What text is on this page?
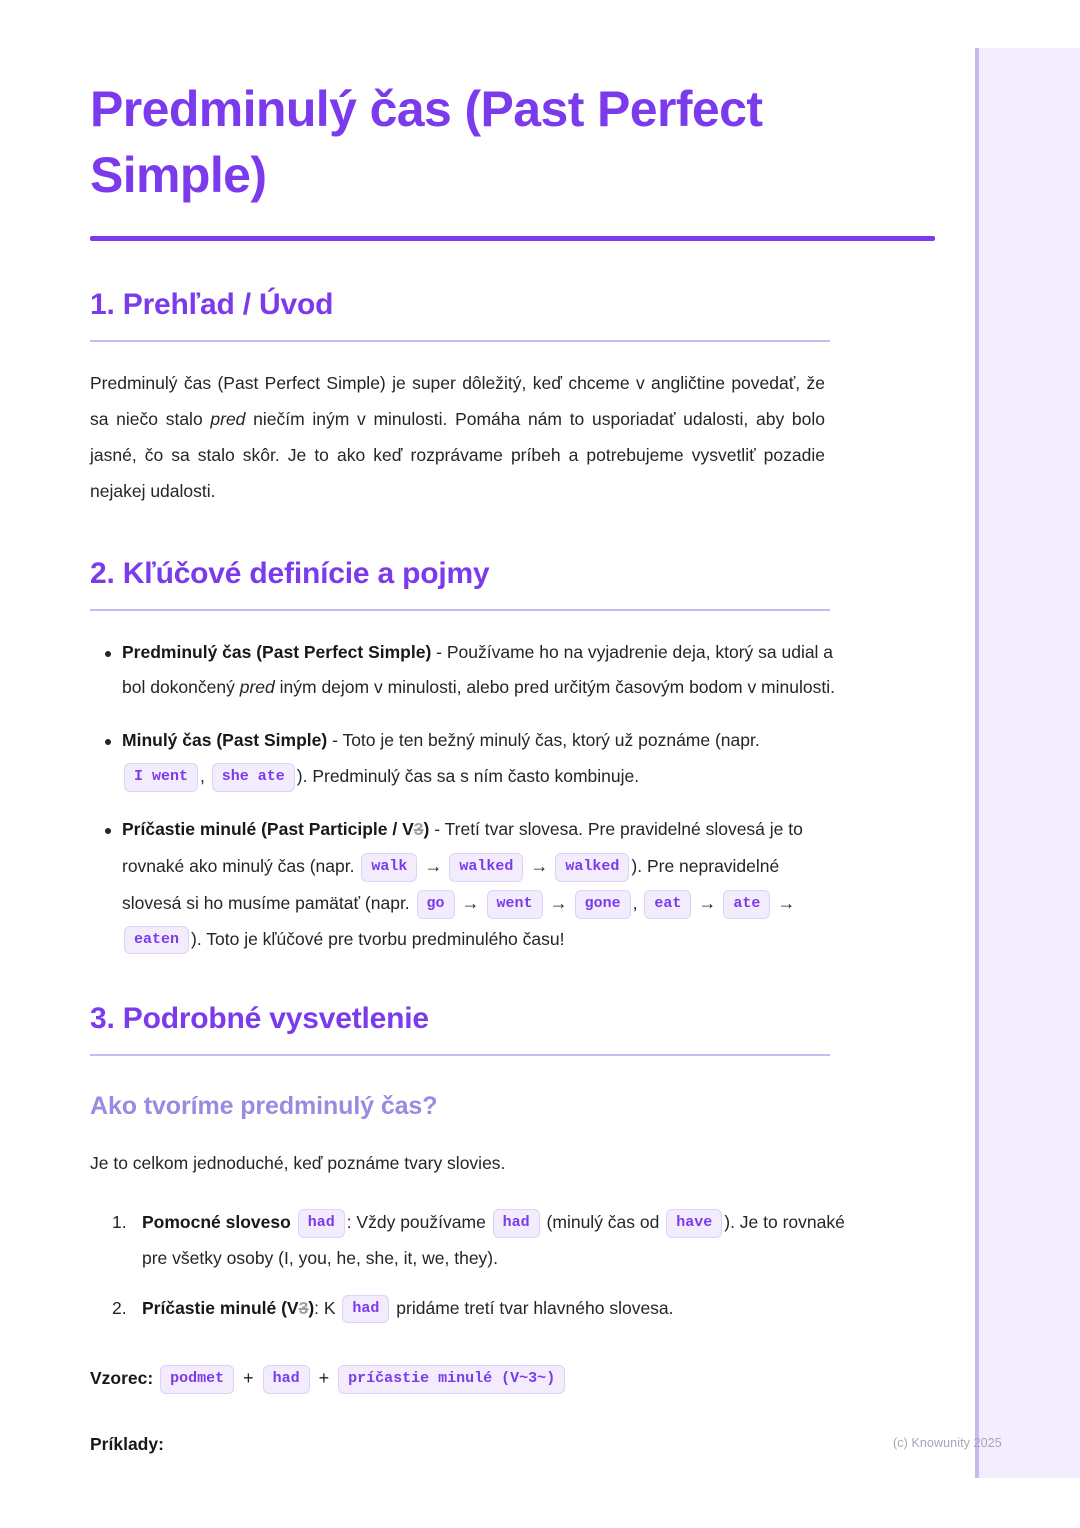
Predminulý čas (Past Perfect Simple)
1. Prehľad / Úvod

Predminulý čas (Past Perfect Simple) je super dôležitý, keď chceme v angličtine povedať, že sa niečo stalo pred niečím iným v minulosti. Pomáha nám to usporiadať udalosti, aby bolo jasné, čo sa stalo skôr. Je to ako keď rozprávame príbeh a potrebujeme vysvetliť pozadie nejakej udalosti.

2. Kľúčové definície a pojmy
Predminulý čas (Past Perfect Simple) - Používame ho na vyjadrenie deja, ktorý sa udial a bol dokončený pred iným dejom v minulosti, alebo pred určitým časovým bodom v minulosti.
Minulý čas (Past Simple) - Toto je ten bežný minulý čas, ktorý už poznáme (napr. I went , she ate ). Predminulý čas sa s ním často kombinuje.
Príčastie minulé (Past Participle / V3) - Tretí tvar slovesa. Pre pravidelné slovesá je to rovnaké ako minulý čas (napr. walk → walked → walked ). Pre nepravidelné slovesá si ho musíme pamätať (napr. go → went → gone , eat → ate →eaten ). Toto je kľúčové pre tvorbu predminulého času!
3. Podrobné vysvetlenie
Ako tvoríme predminulý čas?

Je to celkom jednoduché, keď poznáme tvary slovies.

Pomocné sloveso had : Vždy používame had (minulý čas od have ). Je to rovnaké pre všetky osoby (I, you, he, she, it, we, they).
Príčastie minulé (V3): K had pridáme tretí tvar hlavného slovesa.

Vzorec: podmet + had + príčastie minulé (V~3~)

Príklady:	(c) Knowunity 2025
